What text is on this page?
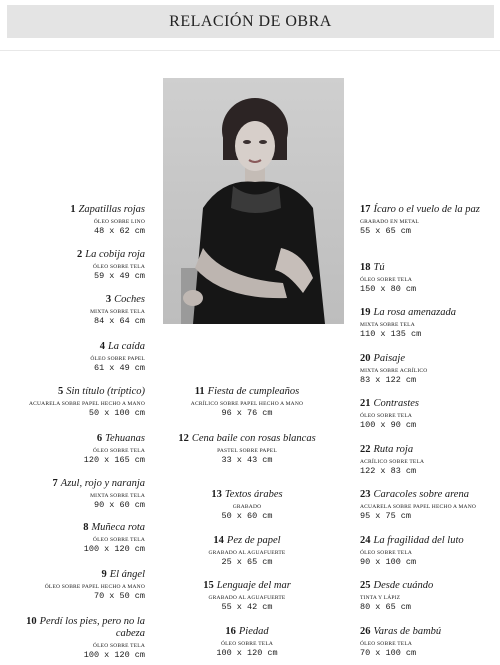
RELACIÓN DE OBRA
1 Zapatillas rojas
ÓLEO SOBRE LINO
48 x 62 cm
2 La cobija roja
ÓLEO SOBRE TELA
59 x 49 cm
3 Coches
MIXTA SOBRE TELA
84 x 64 cm
4 La caída
ÓLEO SOBRE PAPEL
61 x 49 cm
5 Sin título (tríptico)
ACUARELA SOBRE PAPEL HECHO A MANO
50 x 100 cm
6 Tehuanas
ÓLEO SOBRE TELA
120 x 165 cm
7 Azul, rojo y naranja
MIXTA SOBRE TELA
90 x 60 cm
8 Muñeca rota
ÓLEO SOBRE TELA
100 x 120 cm
9 El ángel
ÓLEO SOBRE PAPEL HECHO A MANO
70 x 50 cm
10 Perdí los pies, pero no la cabeza
ÓLEO SOBRE TELA
100 x 120 cm
11 Fiesta de cumpleaños
ACRÍLICO SOBRE PAPEL HECHO A MANO
96 x 76 cm
12 Cena baile con rosas blancas
PASTEL SOBRE PAPEL
33 x 43 cm
13 Textos árabes
GRABADO
50 x 60 cm
14 Pez de papel
GRABADO AL AGUAFUERTE
25 x 65 cm
15 Lenguaje del mar
GRABADO AL AGUAFUERTE
55 x 42 cm
16 Piedad
ÓLEO SOBRE TELA
100 x 120 cm
17 Ícaro o el vuelo de la paz
GRABADO EN METAL
55 x 65 cm
18 Tú
ÓLEO SOBRE TELA
150 x 80 cm
19 La rosa amenazada
MIXTA SOBRE TELA
110 x 135 cm
20 Paisaje
MIXTA SOBRE ACRÍLICO
83 x 122 cm
21 Contrastes
ÓLEO SOBRE TELA
100 x 90 cm
22 Ruta roja
ACRÍLICO SOBRE TELA
122 x 83 cm
23 Caracoles sobre arena
ACUARELA SOBRE PAPEL HECHO A MANO
95 x 75 cm
24 La fragilidad del luto
ÓLEO SOBRE TELA
90 x 100 cm
25 Desde cuándo
TINTA Y LÁPIZ
80 x 65 cm
26 Varas de bambú
ÓLEO SOBRE TELA
70 x 100 cm
